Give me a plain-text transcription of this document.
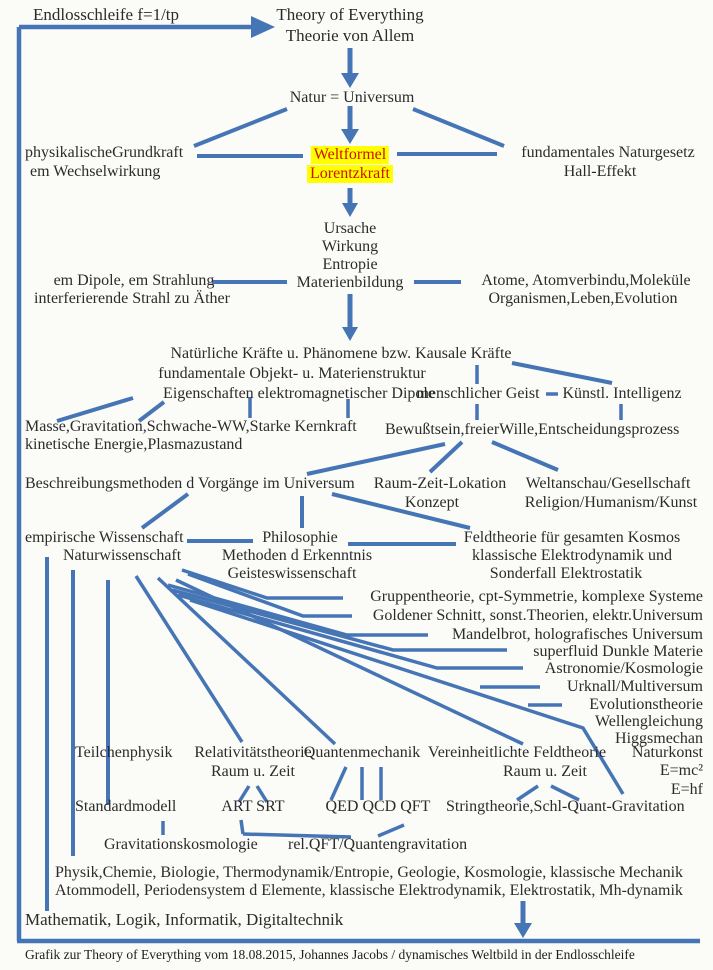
Endlosschleife f=1/tp	Theory of Everything
Theorie von Allem
Natur = Universum
physikalischeGrundkraft
em Wechselwirkung
Weltformel
Lorentzkraft
fundamentales Naturgesetz
Hall-Effekt
Ursache
Wirkung
Entropie
Materienbildung
em Dipole, em Strahlung
interferierende Strahl zu Äther
Atome, Atomverbindu,Moleküle
Organismen,Leben,Evolution
Natürliche Kräfte u. Phänomene bzw. Kausale Kräfte
fundamentale Objekt- u. Materienstruktur
Eigenschaften elektromagnetischer Dipole
menschlicher Geist Künstl. Intelligenz
Masse,Gravitation,Schwache-WW,Starke Kernkraft
kinetische Energie,Plasmazustand
Bewußtsein,freierWille,Entscheidungsprozess
Beschreibungsmethoden d Vorgänge im Universum Raum-Zeit-Lokation
Konzept
Weltanschau/Gesellschaft
Religion/Humanism/Kunst
empirische Wissenschaft
Naturwissenschaft
Philosophie
Methoden d Erkenntnis
Geisteswissenschaft
Feldtheorie für gesamten Kosmos
klassische Elektrodynamik und
Sonderfall Elektrostatik
Gruppentheorie, cpt-Symmetrie, komplexe Systeme
Goldener Schnitt, sonst.Theorien, elektr.Universum
Mandelbrot, holografisches Universum
superfluid Dunkle Materie
Astronomie/Kosmologie
Urknall/Multiversum
Evolutionstheorie
Wellengleichung
Higgsmechan
Teilchenphysik Relativitätstheorie
Quantenmechanik Vereinheitlichte Feldtheorie Naturkonst
Raum u. Zeit	Raum u. Zeit	E=mc²
E=hf
Standardmodell	ART SRT	QED QCD QFT Stringtheorie,Schl-Quant-Gravitation
Gravitationskosmologie rel.QFT/Quantengravitation
Physik,Chemie, Biologie, Thermodynamik/Entropie, Geologie, Kosmologie, klassische Mechanik
Atommodell, Periodensystem d Elemente, klassische Elektrodynamik, Elektrostatik, Mh-dynamik
Mathematik, Logik, Informatik, Digitaltechnik
Grafik zur Theory of Everything vom 18.08.2015, Johannes Jacobs / dynamisches Weltbild in der Endlosschleife
